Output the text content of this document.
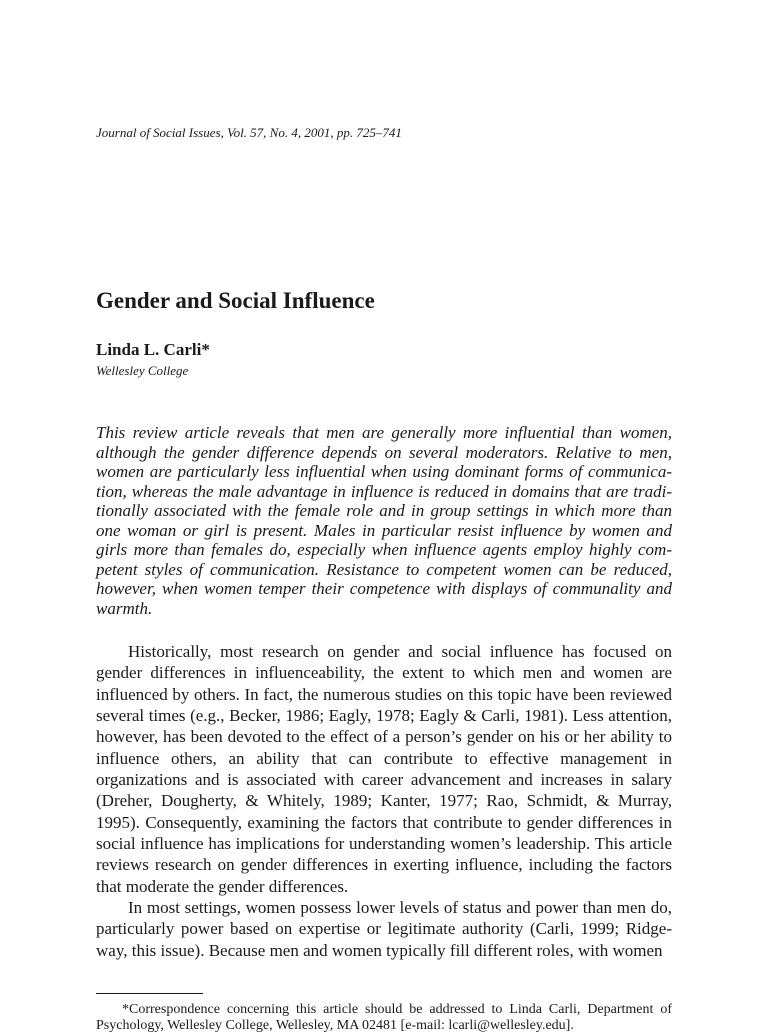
Journal of Social Issues, Vol. 57, No. 4, 2001, pp. 725–741
Gender and Social Influence
Linda L. Carli*
Wellesley College

This review article reveals that men are generally more influential than women, although the gender difference depends on several moderators. Relative to men, women are particularly less influential when using dominant forms of communication, whereas the male advantage in influence is reduced in domains that are traditionally associated with the female role and in group settings in which more than one woman or girl is present. Males in particular resist influence by women and girls more than females do, especially when influence agents employ highly competent styles of communication. Resistance to competent women can be reduced, however, when women temper their competence with displays of communality and warmth.

Historically, most research on gender and social influence has focused on gender differences in influenceability, the extent to which men and women are influenced by others. In fact, the numerous studies on this topic have been reviewed several times (e.g., Becker, 1986; Eagly, 1978; Eagly & Carli, 1981). Less attention, however, has been devoted to the effect of a person’s gender on his or her ability to influence others, an ability that can contribute to effective management in organizations and is associated with career advancement and increases in salary (Dreher, Dougherty, & Whitely, 1989; Kanter, 1977; Rao, Schmidt, & Murray, 1995). Consequently, examining the factors that contribute to gender differences in social influence has implications for understanding women’s leadership. This article reviews research on gender differences in exerting influence, including the factors that moderate the gender differences.

In most settings, women possess lower levels of status and power than men do, particularly power based on expertise or legitimate authority (Carli, 1999; Ridgeway, this issue). Because men and women typically fill different roles, with women

*Correspondence concerning this article should be addressed to Linda Carli, Department of Psychology, Wellesley College, Wellesley, MA 02481 [e-mail: lcarli@wellesley.edu].
